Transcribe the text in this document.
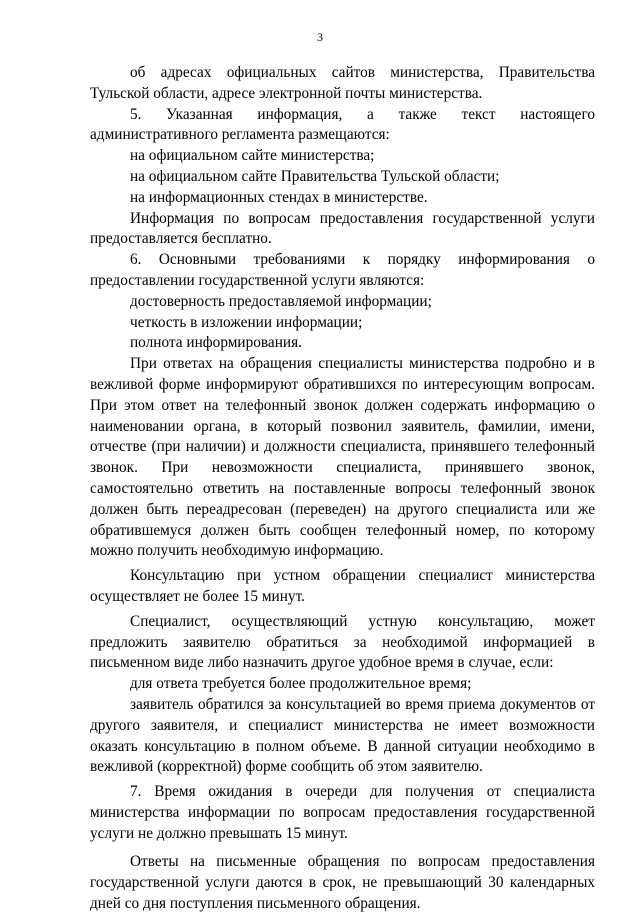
3

об адресах официальных сайтов министерства, Правительства Тульской области, адресе электронной почты министерства.

5. Указанная информация, а также текст настоящего административного регламента размещаются:

на официальном сайте министерства;

на официальном сайте Правительства Тульской области;

на информационных стендах в министерстве.

Информация по вопросам предоставления государственной услуги предоставляется бесплатно.

6. Основными требованиями к порядку информирования о предоставлении государственной услуги являются:

достоверность предоставляемой информации;

четкость в изложении информации;

полнота информирования.

При ответах на обращения специалисты министерства подробно и в вежливой форме информируют обратившихся по интересующим вопросам. При этом ответ на телефонный звонок должен содержать информацию о наименовании органа, в который позвонил заявитель, фамилии, имени, отчестве (при наличии) и должности специалиста, принявшего телефонный звонок. При невозможности специалиста, принявшего звонок, самостоятельно ответить на поставленные вопросы телефонный звонок должен быть переадресован (переведен) на другого специалиста или же обратившемуся должен быть сообщен телефонный номер, по которому можно получить необходимую информацию.

Консультацию при устном обращении специалист министерства осуществляет не более 15 минут.

Специалист, осуществляющий устную консультацию, может предложить заявителю обратиться за необходимой информацией в письменном виде либо назначить другое удобное время в случае, если:

для ответа требуется более продолжительное время;

заявитель обратился за консультацией во время приема документов от другого заявителя, и специалист министерства не имеет возможности оказать консультацию в полном объеме. В данной ситуации необходимо в вежливой (корректной) форме сообщить об этом заявителю.

7. Время ожидания в очереди для получения от специалиста министерства информации по вопросам предоставления государственной услуги не должно превышать 15 минут.

Ответы на письменные обращения по вопросам предоставления государственной услуги даются в срок, не превышающий 30 календарных дней со дня поступления письменного обращения.
